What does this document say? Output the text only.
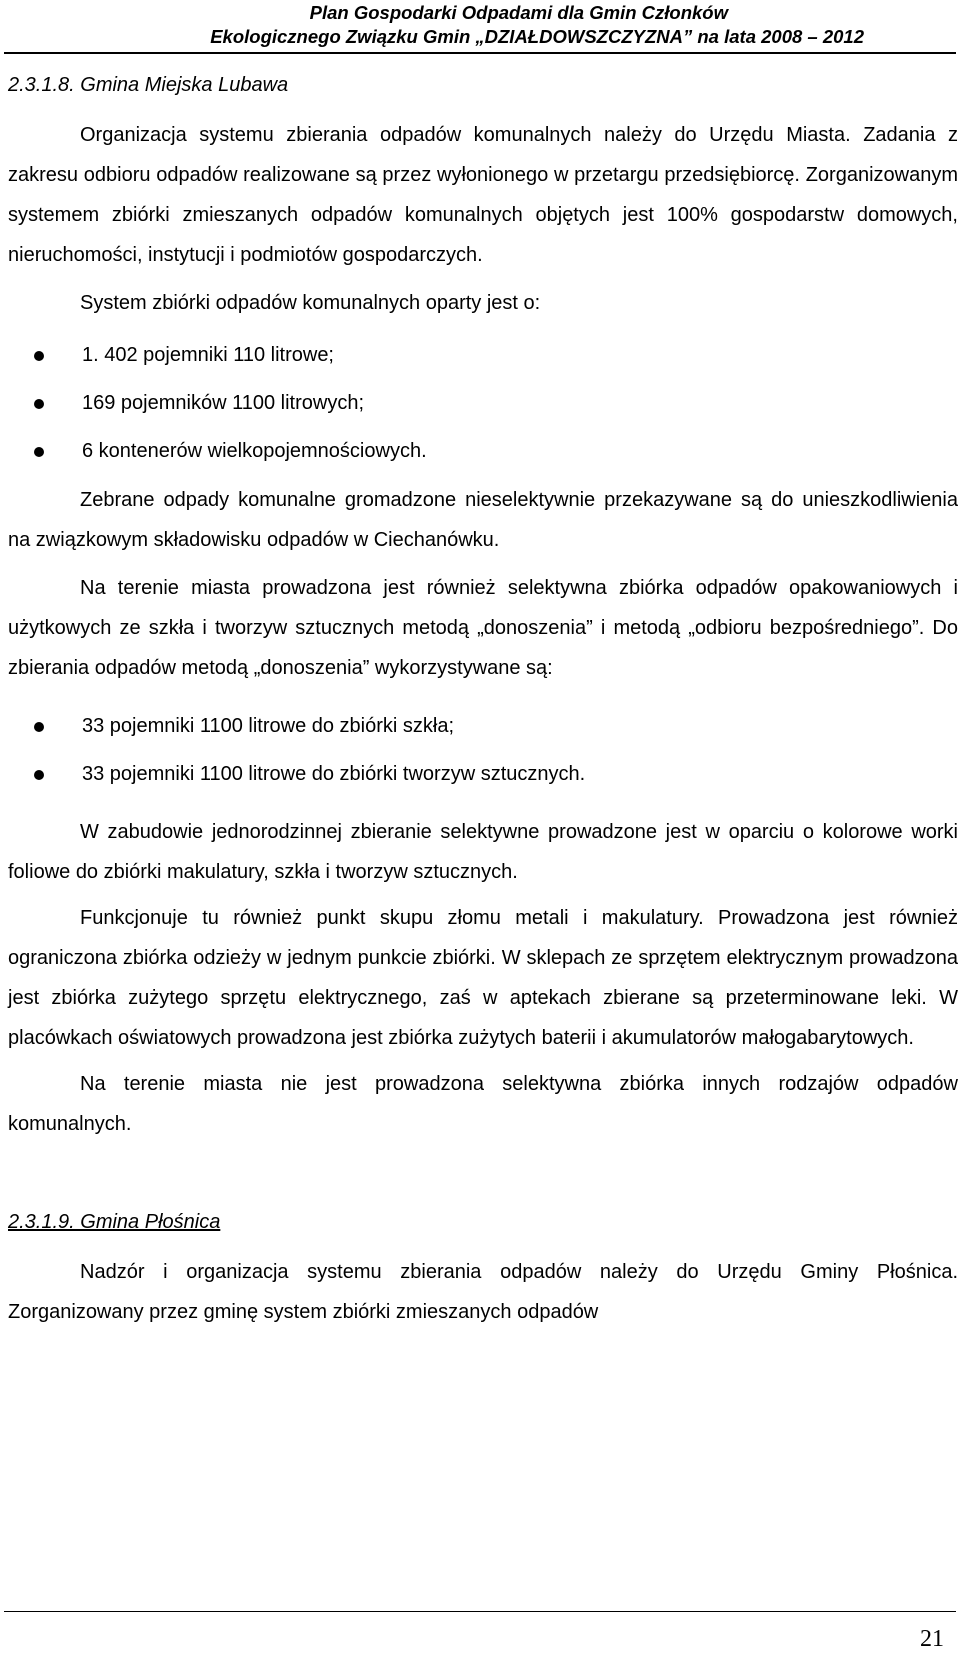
Plan Gospodarki Odpadami dla Gmin Członków
Ekologicznego Związku Gmin „DZIAŁDOWSZCZYZNA” na lata 2008 – 2012

2.3.1.8. Gmina Miejska Lubawa

Organizacja systemu zbierania odpadów komunalnych należy do Urzędu Miasta. Zadania z zakresu odbioru odpadów realizowane są przez wyłonionego w przetargu przedsiębiorcę. Zorganizowanym systemem zbiórki zmieszanych odpadów komunalnych objętych jest 100% gospodarstw domowych, nieruchomości, instytucji i podmiotów gospodarczych.

System zbiórki odpadów komunalnych oparty jest o:

1. 402 pojemniki 110 litrowe;
169 pojemników 1100 litrowych;
6 kontenerów wielkopojemnościowych.

Zebrane odpady komunalne gromadzone nieselektywnie przekazywane są do unieszkodliwienia na związkowym składowisku odpadów w Ciechanówku.

Na terenie miasta prowadzona jest również selektywna zbiórka odpadów opakowaniowych i użytkowych ze szkła i tworzyw sztucznych metodą „donoszenia” i metodą „odbioru bezpośredniego”. Do zbierania odpadów metodą „donoszenia” wykorzystywane są:

33 pojemniki 1100 litrowe do zbiórki szkła;
33 pojemniki 1100 litrowe do zbiórki tworzyw sztucznych.

W zabudowie jednorodzinnej zbieranie selektywne prowadzone jest w oparciu o kolorowe worki foliowe do zbiórki makulatury, szkła i tworzyw sztucznych.

Funkcjonuje tu również punkt skupu złomu metali i makulatury. Prowadzona jest również ograniczona zbiórka odzieży w jednym punkcie zbiórki. W sklepach ze sprzętem elektrycznym prowadzona jest zbiórka zużytego sprzętu elektrycznego, zaś w aptekach zbierane są przeterminowane leki. W placówkach oświatowych prowadzona jest zbiórka zużytych baterii i akumulatorów małogabarytowych.

Na terenie miasta nie jest prowadzona selektywna zbiórka innych rodzajów odpadów komunalnych.

2.3.1.9. Gmina Płośnica

Nadzór i organizacja systemu zbierania odpadów należy do Urzędu Gminy Płośnica. Zorganizowany przez gminę system zbiórki zmieszanych odpadów

21
